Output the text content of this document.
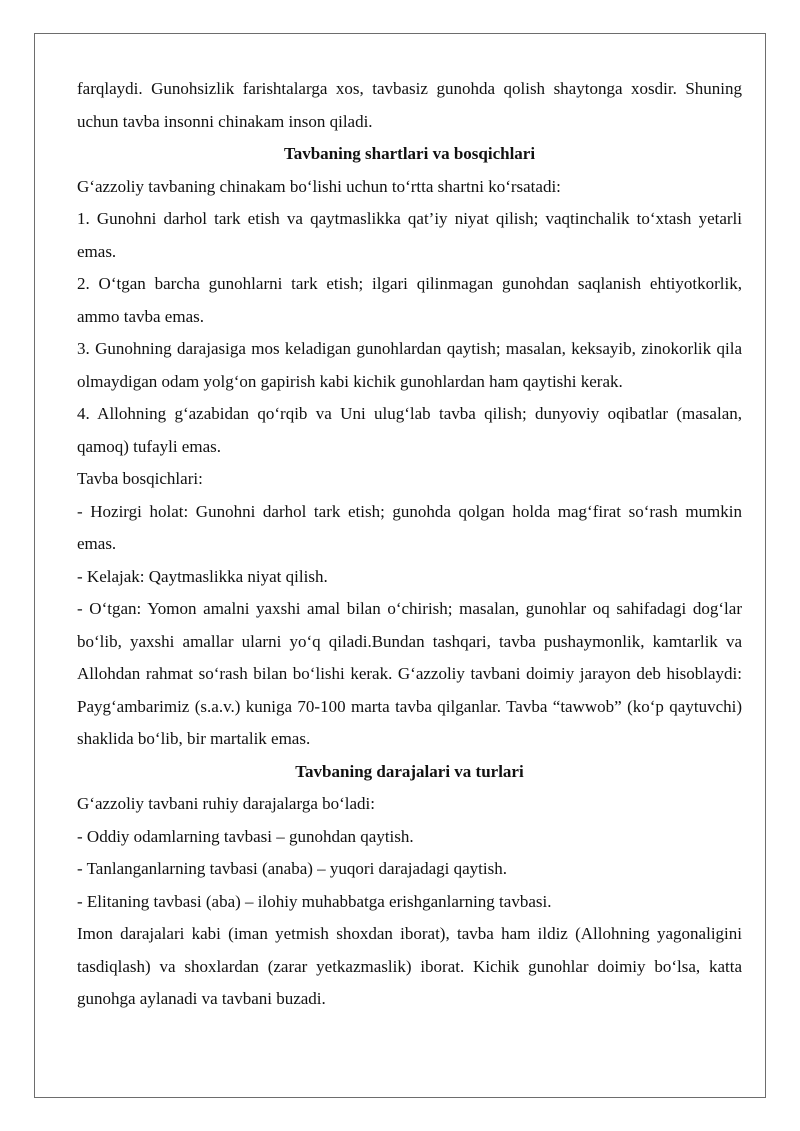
farqlaydi. Gunohsizlik farishtalarga xos, tavbasiz gunohda qolish shaytonga xosdir. Shuning uchun tavba insonni chinakam inson qiladi.

Tavbaning shartlari va bosqichlari

G‘azzoliy tavbaning chinakam bo‘lishi uchun to‘rtta shartni ko‘rsatadi:

1. Gunohni darhol tark etish va qaytmaslikka qat’iy niyat qilish; vaqtinchalik to‘xtash yetarli emas.

2. O‘tgan barcha gunohlarni tark etish; ilgari qilinmagan gunohdan saqlanish ehtiyotkorlik, ammo tavba emas.

3. Gunohning darajasiga mos keladigan gunohlardan qaytish; masalan, keksayib, zinokorlik qila olmaydigan odam yolg‘on gapirish kabi kichik gunohlardan ham qaytishi kerak.

4. Allohning g‘azabidan qo‘rqib va Uni ulug‘lab tavba qilish; dunyoviy oqibatlar (masalan, qamoq) tufayli emas.

Tavba bosqichlari:

- Hozirgi holat: Gunohni darhol tark etish; gunohda qolgan holda mag‘firat so‘rash mumkin emas.

- Kelajak: Qaytmaslikka niyat qilish.

- O‘tgan: Yomon amalni yaxshi amal bilan o‘chirish; masalan, gunohlar oq sahifadagi dog‘lar bo‘lib, yaxshi amallar ularni yo‘q qiladi.Bundan tashqari, tavba pushaymonlik, kamtarlik va Allohdan rahmat so‘rash bilan bo‘lishi kerak. G‘azzoliy tavbani doimiy jarayon deb hisoblaydi: Payg‘ambarimiz (s.a.v.) kuniga 70-100 marta tavba qilganlar. Tavba “tawwob” (ko‘p qaytuvchi) shaklida bo‘lib, bir martalik emas.

Tavbaning darajalari va turlari

G‘azzoliy tavbani ruhiy darajalarga bo‘ladi:

- Oddiy odamlarning tavbasi – gunohdan qaytish.

- Tanlanganlarning tavbasi (anaba) – yuqori darajadagi qaytish.

- Elitaning tavbasi (aba) – ilohiy muhabbatga erishganlarning tavbasi.

Imon darajalari kabi (iman yetmish shoxdan iborat), tavba ham ildiz (Allohning yagonaligini tasdiqlash) va shoxlardan (zarar yetkazmaslik) iborat. Kichik gunohlar doimiy bo‘lsa, katta gunohga aylanadi va tavbani buzadi.
